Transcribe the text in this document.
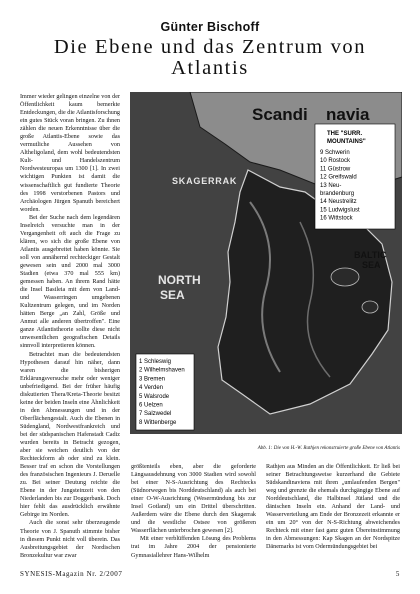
Günter Bischoff
Die Ebene und das Zentrum von Atlantis

Immer wieder gelingen einzelne von der Öffentlichkeit kaum bemerkte Entdeckungen, die die Atlantisforschung ein gutes Stück voran bringen. Zu ihnen zählen die neuen Erkenntnisse über die große Atlantis-Ebene sowie das vermutliche Aussehen von Altheligoland, dem wohl bedeutendsten Kult- und Handelszentrum Nordwesteuropas um 1300 [1]. In zwei wichtigen Punkten ist damit die wissenschaftlich gut fundierte Theorie des 1998 verstorbenen Pastors und Archäologen Jürgen Spanuth bereichert worden.

Bei der Suche nach dem legendären Inselreich versuchte man in der Vergangenheit oft auch die Frage zu klären, wo sich die große Ebene von Atlantis ausgebreitet haben könnte. Sie soll von annähernd rechteckiger Gestalt gewesen sein und 2000 mal 3000 Stadien (etwa 370 mal 555 km) gemessen haben. An ihrem Rand hätte die Insel Basileia mit dem von Land- und Wasserringen umgebenen Kultzentrum gelegen, und im Norden hätten Berge „an Zahl, Größe und Anmut alle anderen übertroffen". Eine ganze Atlantistheorie sollte diese nicht unwesentlichen geografischen Details sinnvoll interpretieren können.

Betrachtet man die bedeutendsten Hypothesen darauf hin näher, dann waren die bisherigen Erklärungsversuche mehr oder weniger unbefriedigend. Bei der früher häufig diskutierten Thera/Kreta-Theorie besitzt keine der beiden Inseln eine Ähnlichkeit in den Abmessungen und in der Oberflächengestalt. Auch die Ebenen in Südengland, Nordwestfrankreich und bei der südspanischen Hafenstadt Cadiz wurden bereits in Betracht gezogen, aber sie weichen deutlich von der Rechteckform ab oder sind zu klein. Besser traf en schon die Vorstellungen des französischen Ingenieurs J. Deruelle zu. Bei seiner Deutung reichte die Ebene in der Jungsteinzeit von den Niederlanden bis zur Doggerbank. Doch hier fehlt das ausdrücklich erwähnte Gebirge im Norden.

Auch die sonst sehr überzeugende Theorie von J. Spanuth stimmte bisher in diesem Punkt nicht voll überein. Das Ausbreitungsgebiet der Nordischen Bronzekultur war zwar

Scandi navia
SKAGERRAK
NORTH
SEA
BALTIC
SEA
THE "SURR.
MOUNTAINS"
9 Schwerin
10 Rostock
11 Güstrow
12 Greifswald
13 Neu-
brandenburg
14 Neustrelitz
15 Ludwigslust
16 Wittstock
1 Schleswig
2 Wilhelmshaven
3 Bremen
4 Verden
5 Walsrode
6 Uelzen
7 Salzwedel
8 Wittenberge
Abb. 1: Die von H.-W. Rathjen rekonstruierte große Ebene von Atlantis

größtenteils eben, aber die geforderte Längsausdehnung von 3000 Stadien wird sowohl bei einer N-S-Ausrichtung des Rechtecks (Südnorwegen bis Norddeutschland) als auch bei einer O-W-Ausrichtung (Wesermündung bis zur Insel Gotland) um ein Drittel überschritten. Außerdem wäre die Ebene durch den Skagerrak und die westliche Ostsee von größeren Wasserflächen unterbrochen gewesen [2].

Mit einer verblüffenden Lösung des Problems trat im Jahre 2004 der pensionierte Gymnasiallehrer Hans-Wilhelm

Rathjen aus Minden an die Öffentlichkeit. Er ließ bei seiner Betrachtungsweise kurzerhand die Gebiete Südskandinaviens mit ihren „umlaufenden Bergen" weg und grenzte die ehemals durchgängige Ebene auf Norddeutschland, die Halbinsel Jütland und die dänischen Inseln ein. Anhand der Land- und Wasserverteilung am Ende der Bronzezeit erkannte er ein um 20° von der N-S-Richtung abweichendes Rechteck mit einer fast ganz guten Übereinstimmung in den Abmessungen: Kap Skagen an der Nordspitze Dänemarks ist vom Odermündungsgebiet bei

SYNESIS-Magazin Nr. 2/2007	5
